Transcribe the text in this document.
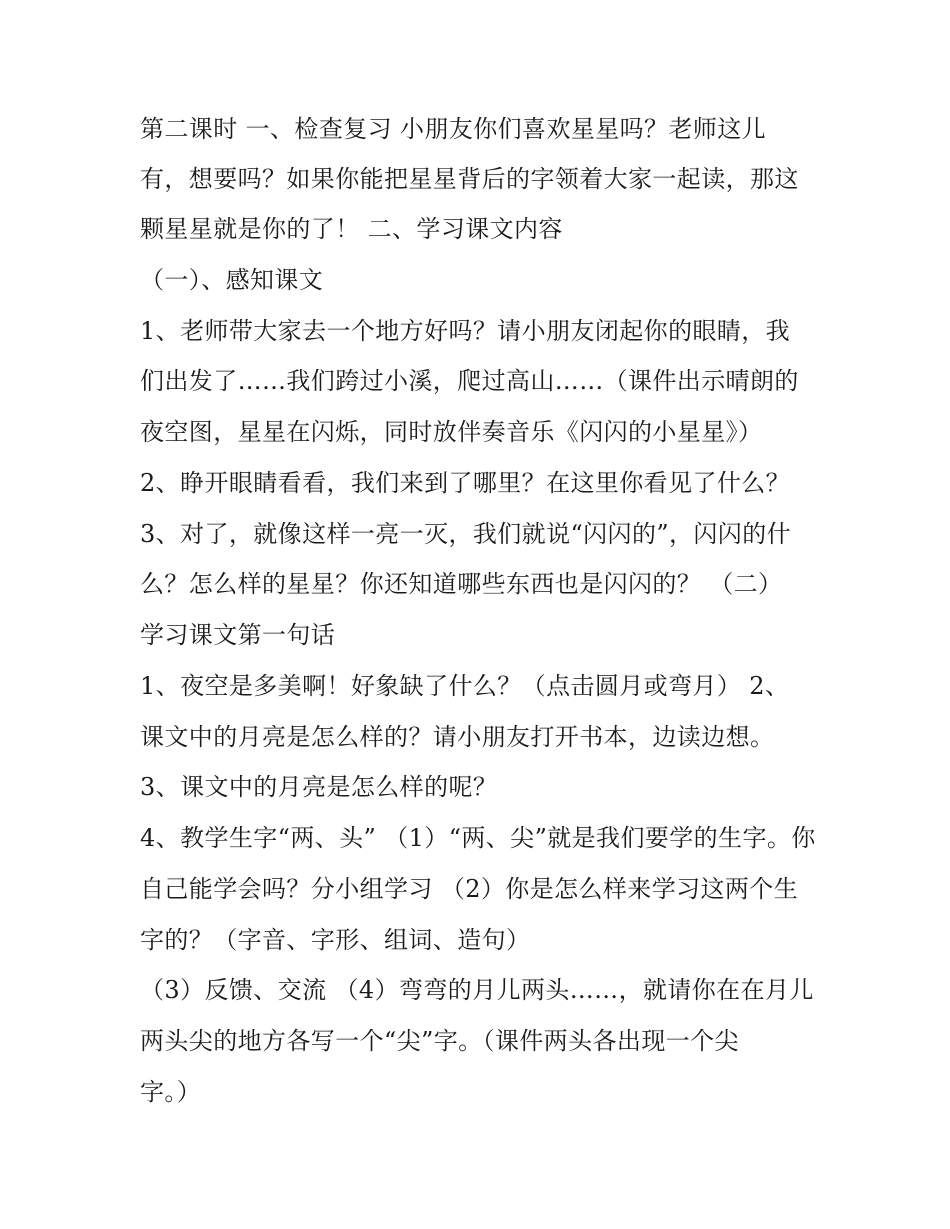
第二课时 一、检查复习 小朋友你们喜欢星星吗？老师这儿
有，想要吗？如果你能把星星背后的字领着大家一起读，那这
颗星星就是你的了！ 二、学习课文内容
（一）、感知课文
1、老师带大家去一个地方好吗？请小朋友闭起你的眼睛，我
们出发了……我们跨过小溪，爬过高山……（课件出示晴朗的
夜空图，星星在闪烁，同时放伴奏音乐《闪闪的小星星》）
2、睁开眼睛看看，我们来到了哪里？在这里你看见了什么？
3、对了，就像这样一亮一灭，我们就说“闪闪的”，闪闪的什
么？怎么样的星星？你还知道哪些东西也是闪闪的？ （二）
学习课文第一句话
1、夜空是多美啊！好象缺了什么？（点击圆月或弯月） 2、
课文中的月亮是怎么样的？请小朋友打开书本，边读边想。
3、课文中的月亮是怎么样的呢？
4、教学生字“两、头” （1）“两、尖”就是我们要学的生字。你
自己能学会吗？分小组学习 （2）你是怎么样来学习这两个生
字的？（字音、字形、组词、造句）
（3）反馈、交流 （4）弯弯的月儿两头……，就请你在在月儿
两头尖的地方各写一个“尖”字。（课件两头各出现一个尖
字。）
